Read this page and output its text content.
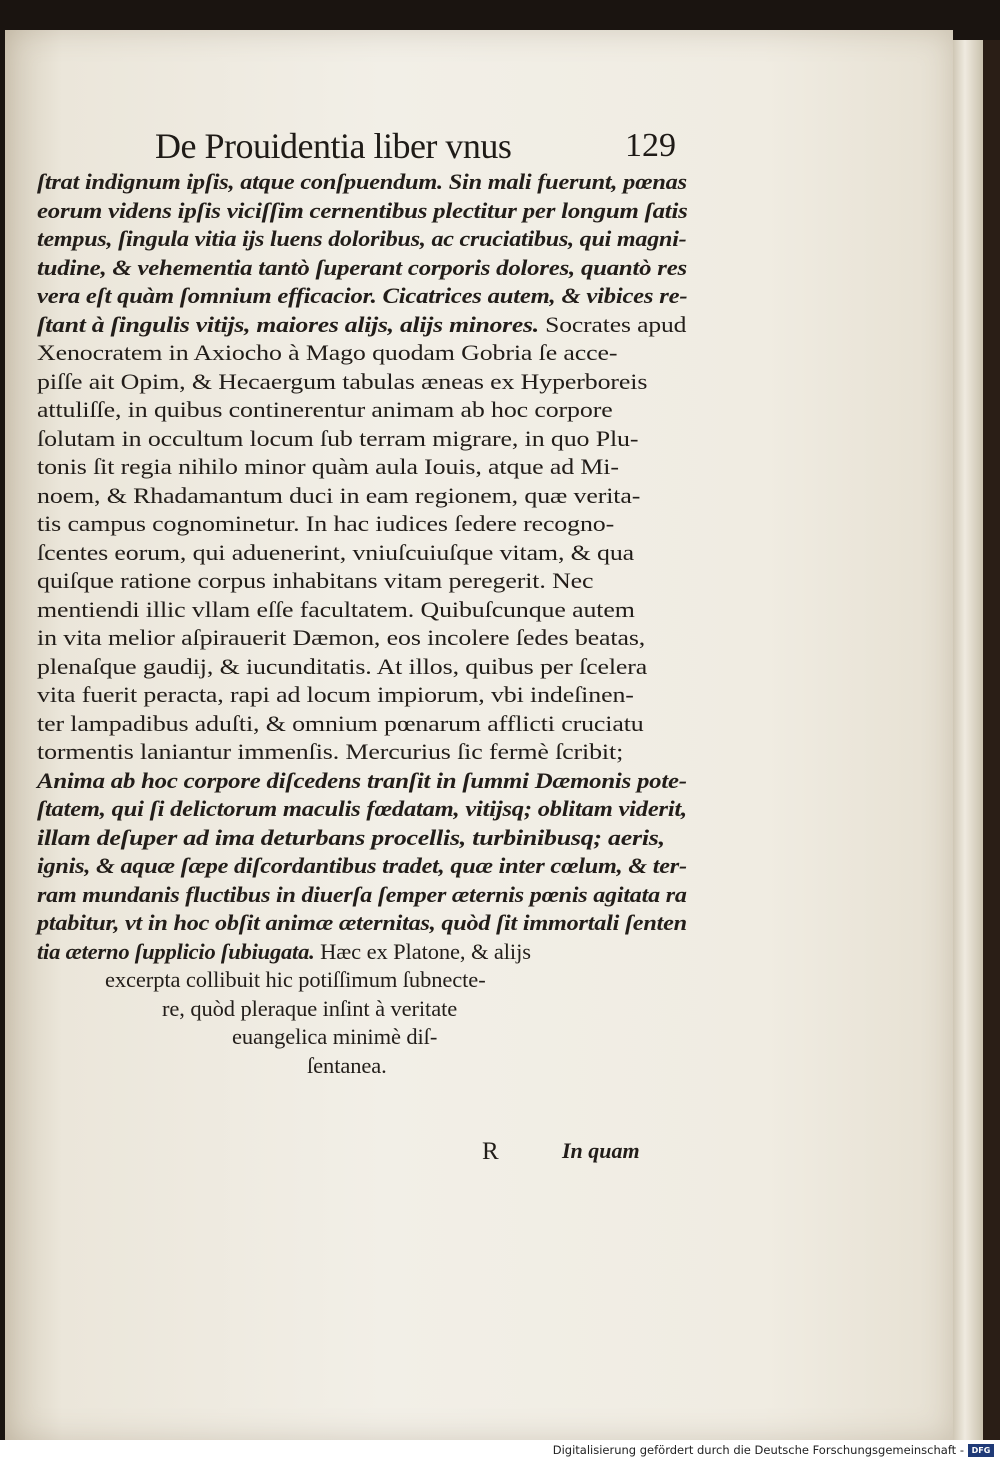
De Prouidentia liber vnus	129
ſtrat indignum ipſis, atque conſpuendum. Sin mali fuerunt, pœnas
eorum videns ipſis viciſſim cernentibus plectitur per longum ſatis
tempus, ſingula vitia ijs luens doloribus, ac cruciatibus, qui magni-
tudine, & vehementia tantò ſuperant corporis dolores, quantò res
vera eſt quàm ſomnium efficacior. Cicatrices autem, & vibices re-
ſtant à ſingulis vitijs, maiores alijs, alijs minores. Socrates apud
Xenocratem in Axiocho à Mago quodam Gobria ſe acce-
piſſe ait Opim, & Hecaergum tabulas æneas ex Hyperboreis
attuliſſe, in quibus continerentur animam ab hoc corpore
ſolutam in occultum locum ſub terram migrare, in quo Plu-
tonis ſit regia nihilo minor quàm aula Iouis, atque ad Mi-
noem, & Rhadamantum duci in eam regionem, quæ verita-
tis campus cognominetur. In hac iudices ſedere recogno-
ſcentes eorum, qui aduenerint, vniuſcuiuſque vitam, & qua
quiſque ratione corpus inhabitans vitam peregerit. Nec
mentiendi illic vllam eſſe facultatem. Quibuſcunque autem
in vita melior aſpirauerit Dæmon, eos incolere ſedes beatas,
plenaſque gaudij, & iucunditatis. At illos, quibus per ſcelera
vita fuerit peracta, rapi ad locum impiorum, vbi indeſinen-
ter lampadibus aduſti, & omnium pœnarum afflicti cruciatu
tormentis laniantur immenſis. Mercurius ſic fermè ſcribit;
Anima ab hoc corpore diſcedens tranſit in ſummi Dæmonis pote-
ſtatem, qui ſi delictorum maculis fœdatam, vitijsq; oblitam viderit,
illam deſuper ad ima deturbans procellis, turbinibusq; aeris,
ignis, & aquæ ſæpe diſcordantibus tradet, quæ inter cœlum, & ter-
ram mundanis fluctibus in diuerſa ſemper æternis pœnis agitata ra
ptabitur, vt in hoc obſit animæ æternitas, quòd ſit immortali ſenten
tia æterno ſupplicio ſubiugata. Hæc ex Platone, & alijs
excerpta collibuit hic potiſſimum ſubnecte-
re, quòd pleraque inſint à veritate
euangelica minimè diſ-
ſentanea.
R	In quam
Digitalisierung gefördert durch die Deutsche Forschungsgemeinschaft - DFG
